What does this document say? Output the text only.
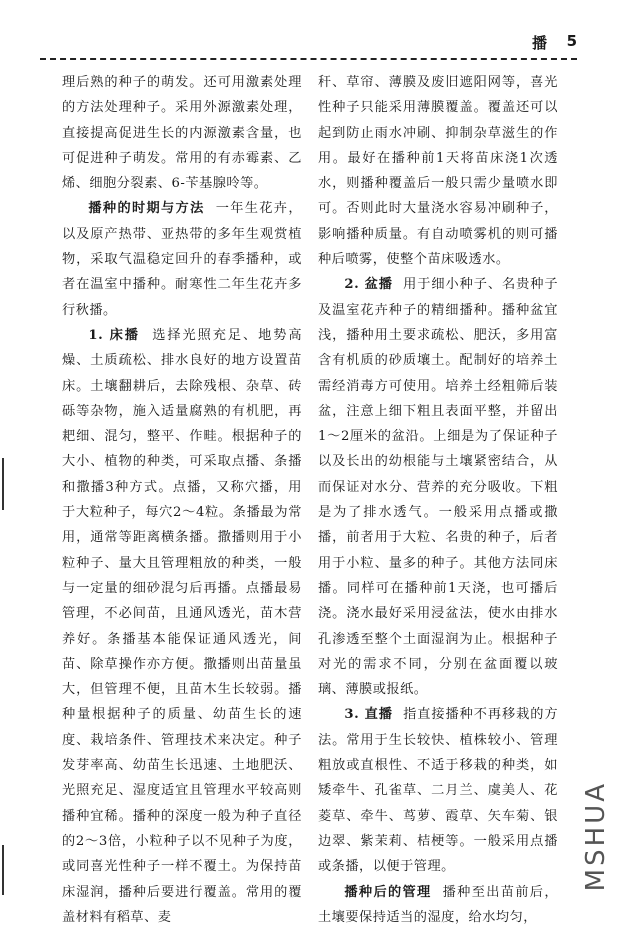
播 5

理后熟的种子的萌发。还可用激素处理的方法处理种子。采用外源激素处理，直接提高促进生长的内源激素含量，也可促进种子萌发。常用的有赤霉素、乙烯、细胞分裂素、6-苄基腺呤等。

播种的时期与方法 一年生花卉，以及原产热带、亚热带的多年生观赏植物，采取气温稳定回升的春季播种，或者在温室中播种。耐寒性二年生花卉多行秋播。

1. 床播 选择光照充足、地势高燥、土质疏松、排水良好的地方设置苗床。土壤翻耕后，去除残根、杂草、砖砾等杂物，施入适量腐熟的有机肥，再耙细、混匀，整平、作畦。根据种子的大小、植物的种类，可采取点播、条播和撒播3种方式。点播，又称穴播，用于大粒种子，每穴2～4粒。条播最为常用，通常等距离横条播。撒播则用于小粒种子、量大且管理粗放的种类，一般与一定量的细砂混匀后再播。点播最易管理，不必间苗，且通风透光，苗木营养好。条播基本能保证通风透光，间苗、除草操作亦方便。撒播则出苗量虽大，但管理不便，且苗木生长较弱。播种量根据种子的质量、幼苗生长的速度、栽培条件、管理技术来决定。种子发芽率高、幼苗生长迅速、土地肥沃、光照充足、湿度适宜且管理水平较高则播种宜稀。播种的深度一般为种子直径的2～3倍，小粒种子以不见种子为度，或同喜光性种子一样不覆土。为保持苗床湿润，播种后要进行覆盖。常用的覆盖材料有稻草、麦

秆、草帘、薄膜及废旧遮阳网等，喜光性种子只能采用薄膜覆盖。覆盖还可以起到防止雨水冲刷、抑制杂草滋生的作用。最好在播种前1天将苗床浇1次透水，则播种覆盖后一般只需少量喷水即可。否则此时大量浇水容易冲刷种子，影响播种质量。有自动喷雾机的则可播种后喷雾，使整个苗床吸透水。

2. 盆播 用于细小种子、名贵种子及温室花卉种子的精细播种。播种盆宜浅，播种用土要求疏松、肥沃，多用富含有机质的砂质壤土。配制好的培养土需经消毒方可使用。培养土经粗筛后装盆，注意上细下粗且表面平整，并留出1～2厘米的盆沿。上细是为了保证种子以及长出的幼根能与土壤紧密结合，从而保证对水分、营养的充分吸收。下粗是为了排水透气。一般采用点播或撒播，前者用于大粒、名贵的种子，后者用于小粒、量多的种子。其他方法同床播。同样可在播种前1天浇，也可播后浇。浇水最好采用浸盆法，使水由排水孔渗透至整个土面湿润为止。根据种子对光的需求不同，分别在盆面覆以玻璃、薄膜或报纸。

3. 直播 指直接播种不再移栽的方法。常用于生长较快、植株较小、管理粗放或直根性、不适于移栽的种类，如矮牵牛、孔雀草、二月兰、虞美人、花菱草、牵牛、茑萝、霞草、矢车菊、银边翠、紫茉莉、桔梗等。一般采用点播或条播，以便于管理。

播种后的管理 播种至出苗前后，土壤要保持适当的湿度，给水均匀，

MSHUA
